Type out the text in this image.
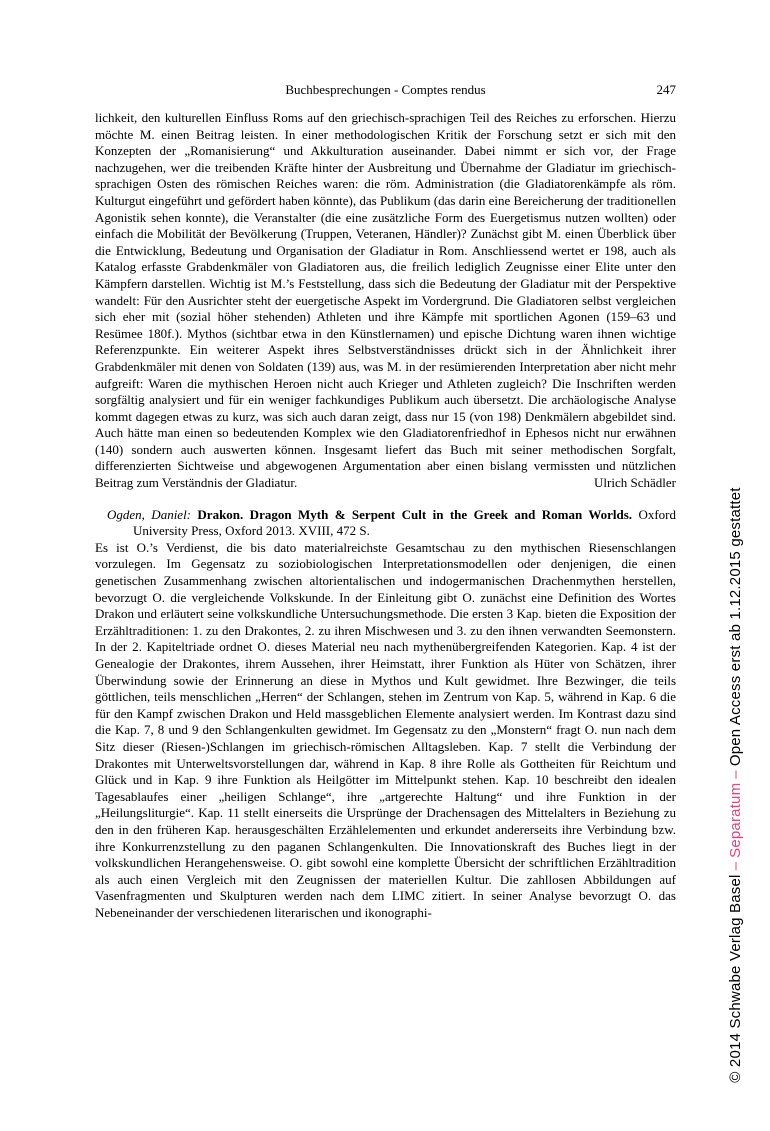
Buchbesprechungen - Comptes rendus	247

lichkeit, den kulturellen Einfluss Roms auf den griechisch-sprachigen Teil des Reiches zu erforschen. Hierzu möchte M. einen Beitrag leisten. In einer methodologischen Kritik der Forschung setzt er sich mit den Konzepten der „Romanisierung“ und Akkulturation auseinander. Dabei nimmt er sich vor, der Frage nachzugehen, wer die treibenden Kräfte hinter der Ausbreitung und Übernahme der Gladiatur im griechisch-sprachigen Osten des römischen Reiches waren: die röm. Administration (die Gladiatorenkämpfe als röm. Kulturgut eingeführt und gefördert haben könnte), das Publikum (das darin eine Bereicherung der traditionellen Agonistik sehen konnte), die Veranstalter (die eine zusätzliche Form des Euergetismus nutzen wollten) oder einfach die Mobilität der Bevölkerung (Truppen, Veteranen, Händler)? Zunächst gibt M. einen Überblick über die Entwicklung, Bedeutung und Organisation der Gladiatur in Rom. Anschliessend wertet er 198, auch als Katalog erfasste Grabdenkmäler von Gladiatoren aus, die freilich lediglich Zeugnisse einer Elite unter den Kämpfern darstellen. Wichtig ist M.’s Feststellung, dass sich die Bedeutung der Gladiatur mit der Perspektive wandelt: Für den Ausrichter steht der euergetische Aspekt im Vordergrund. Die Gladiatoren selbst vergleichen sich eher mit (sozial höher stehenden) Athleten und ihre Kämpfe mit sportlichen Agonen (159–63 und Resümee 180f.). Mythos (sichtbar etwa in den Künstlernamen) und epische Dichtung waren ihnen wichtige Referenzpunkte. Ein weiterer Aspekt ihres Selbstverständnisses drückt sich in der Ähnlichkeit ihrer Grabdenkmäler mit denen von Soldaten (139) aus, was M. in der resümierenden Interpretation aber nicht mehr aufgreift: Waren die mythischen Heroen nicht auch Krieger und Athleten zugleich? Die Inschriften werden sorgfältig analysiert und für ein weniger fachkundiges Publikum auch übersetzt. Die archäologische Analyse kommt dagegen etwas zu kurz, was sich auch daran zeigt, dass nur 15 (von 198) Denkmälern abgebildet sind. Auch hätte man einen so bedeutenden Komplex wie den Gladiatorenfriedhof in Ephesos nicht nur erwähnen (140) sondern auch auswerten können. Insgesamt liefert das Buch mit seiner methodischen Sorgfalt, differenzierten Sichtweise und abgewogenen Argumentation aber einen bislang vermissten und nützlichen Beitrag zum Verständnis der Gladiatur.	Ulrich Schädler

Ogden, Daniel: Drakon. Dragon Myth & Serpent Cult in the Greek and Roman Worlds. Oxford University Press, Oxford 2013. XVIII, 472 S.

Es ist O.’s Verdienst, die bis dato materialreichste Gesamtschau zu den mythischen Riesenschlangen vorzulegen. Im Gegensatz zu soziobiologischen Interpretationsmodellen oder denjenigen, die einen genetischen Zusammenhang zwischen altorientalischen und indogermanischen Drachenmythen herstellen, bevorzugt O. die vergleichende Volkskunde. In der Einleitung gibt O. zunächst eine Definition des Wortes Drakon und erläutert seine volkskundliche Untersuchungsmethode. Die ersten 3 Kap. bieten die Exposition der Erzähltraditionen: 1. zu den Drakontes, 2. zu ihren Mischwesen und 3. zu den ihnen verwandten Seemonstern. In der 2. Kapiteltriade ordnet O. dieses Material neu nach mythenübergreifenden Kategorien. Kap. 4 ist der Genealogie der Drakontes, ihrem Aussehen, ihrer Heimstatt, ihrer Funktion als Hüter von Schätzen, ihrer Überwindung sowie der Erinnerung an diese in Mythos und Kult gewidmet. Ihre Bezwinger, die teils göttlichen, teils menschlichen „Herren“ der Schlangen, stehen im Zentrum von Kap. 5, während in Kap. 6 die für den Kampf zwischen Drakon und Held massgeblichen Elemente analysiert werden. Im Kontrast dazu sind die Kap. 7, 8 und 9 den Schlangenkulten gewidmet. Im Gegensatz zu den „Monstern“ fragt O. nun nach dem Sitz dieser (Riesen-)Schlangen im griechisch-römischen Alltagsleben. Kap. 7 stellt die Verbindung der Drakontes mit Unterweltsvorstellungen dar, während in Kap. 8 ihre Rolle als Gottheiten für Reichtum und Glück und in Kap. 9 ihre Funktion als Heilgötter im Mittelpunkt stehen. Kap. 10 beschreibt den idealen Tagesablaufes einer „heiligen Schlange“, ihre „artgerechte Haltung“ und ihre Funktion in der „Heilungsliturgie“. Kap. 11 stellt einerseits die Ursprünge der Drachensagen des Mittelalters in Beziehung zu den in den früheren Kap. herausgeschälten Erzählelementen und erkundet andererseits ihre Verbindung bzw. ihre Konkurrenzstellung zu den paganen Schlangenkulten. Die Innovationskraft des Buches liegt in der volkskundlichen Herangehensweise. O. gibt sowohl eine komplette Übersicht der schriftlichen Erzähltradition als auch einen Vergleich mit den Zeugnissen der materiellen Kultur. Die zahllosen Abbildungen auf Vasenfragmenten und Skulpturen werden nach dem LIMC zitiert. In seiner Analyse bevorzugt O. das Nebeneinander der verschiedenen literarischen und ikonographi-	© 2014 Schwabe Verlag Basel–Separatum–Open Access erst ab 1.12.2015 gestattet
